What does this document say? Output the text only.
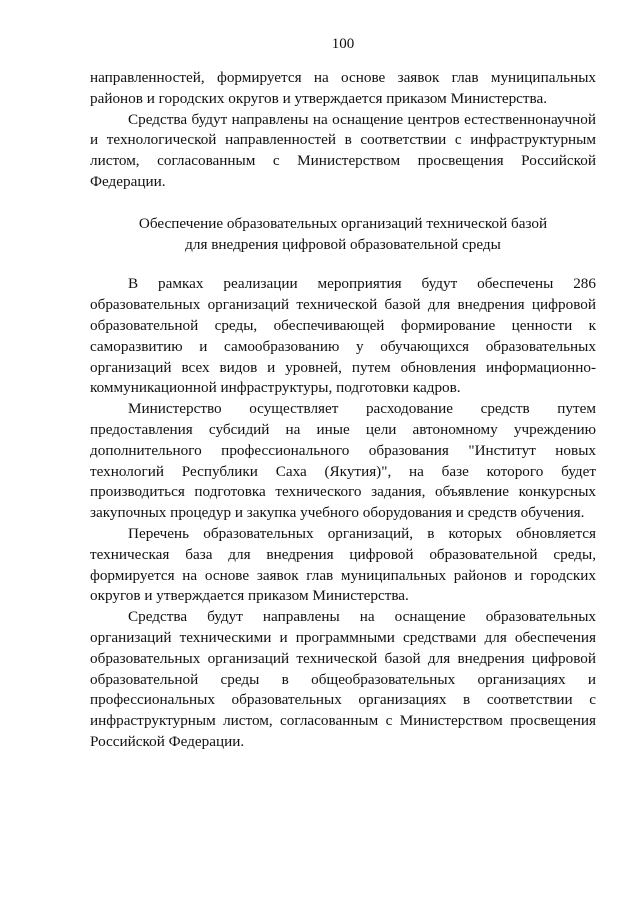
100

направленностей, формируется на основе заявок глав муниципальных районов и городских округов и утверждается приказом Министерства.

Средства будут направлены на оснащение центров естественнонаучной и технологической направленностей в соответствии с инфраструктурным листом, согласованным с Министерством просвещения Российской Федерации.

Обеспечение образовательных организаций технической базой
для внедрения цифровой образовательной среды

В рамках реализации мероприятия будут обеспечены 286 образовательных организаций технической базой для внедрения цифровой образовательной среды, обеспечивающей формирование ценности к саморазвитию и самообразованию у обучающихся образовательных организаций всех видов и уровней, путем обновления информационно-коммуникационной инфраструктуры, подготовки кадров.

Министерство осуществляет расходование средств путем предоставления субсидий на иные цели автономному учреждению дополнительного профессионального образования "Институт новых технологий Республики Саха (Якутия)", на базе которого будет производиться подготовка технического задания, объявление конкурсных закупочных процедур и закупка учебного оборудования и средств обучения.

Перечень образовательных организаций, в которых обновляется техническая база для внедрения цифровой образовательной среды, формируется на основе заявок глав муниципальных районов и городских округов и утверждается приказом Министерства.

Средства будут направлены на оснащение образовательных организаций техническими и программными средствами для обеспечения образовательных организаций технической базой для внедрения цифровой образовательной среды в общеобразовательных организациях и профессиональных образовательных организациях в соответствии с инфраструктурным листом, согласованным с Министерством просвещения Российской Федерации.
